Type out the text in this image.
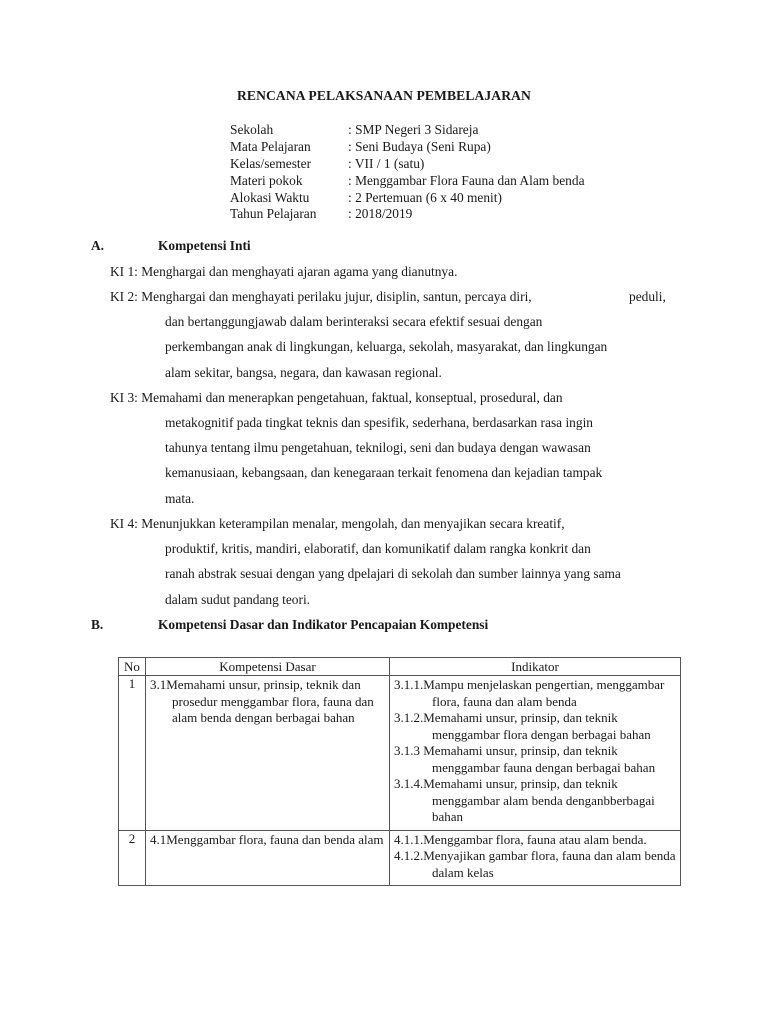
RENCANA PELAKSANAAN PEMBELAJARAN
Sekolah	: SMP Negeri 3 Sidareja
Mata Pelajaran	: Seni Budaya (Seni Rupa)
Kelas/semester	: VII / 1 (satu)
Materi pokok	: Menggambar Flora Fauna dan Alam benda
Alokasi Waktu	: 2 Pertemuan (6 x 40 menit)
Tahun Pelajaran : 2018/2019
A.	Kompetensi Inti
KI 1: Menghargai dan menghayati ajaran agama yang dianutnya.
KI 2: Menghargai dan menghayati perilaku jujur, disiplin, santun, percaya diri,	peduli,
dan bertanggungjawab dalam berinteraksi secara efektif sesuai dengan
perkembangan anak di lingkungan, keluarga, sekolah, masyarakat, dan lingkungan
alam sekitar, bangsa, negara, dan kawasan regional.
KI 3: Memahami dan menerapkan pengetahuan, faktual, konseptual, prosedural, dan
metakognitif pada tingkat teknis dan spesifik, sederhana, berdasarkan rasa ingin
tahunya tentang ilmu pengetahuan, teknilogi, seni dan budaya dengan wawasan
kemanusiaan, kebangsaan, dan kenegaraan terkait fenomena dan kejadian tampak
mata.
KI 4: Menunjukkan keterampilan menalar, mengolah, dan menyajikan secara kreatif,
produktif, kritis, mandiri, elaboratif, dan komunikatif dalam rangka konkrit dan
ranah abstrak sesuai dengan yang dpelajari di sekolah dan sumber lainnya yang sama
dalam sudut pandang teori.
B.	Kompetensi Dasar dan Indikator Pencapaian Kompetensi
No	Kompetensi Dasar	Indikator
1	3.1Memahami unsur, prinsip, teknik dan prosedur menggambar flora, fauna dan alam benda dengan berbagai bahan	3.1.1.Mampu menjelaskan pengertian, menggambar flora, fauna dan alam benda
3.1.2.Memahami unsur, prinsip, dan teknik menggambar flora dengan berbagai bahan
3.1.3 Memahami unsur, prinsip, dan teknik menggambar fauna dengan berbagai bahan
3.1.4.Memahami unsur, prinsip, dan teknik menggambar alam benda denganbberbagai bahan

2	4.1Menggambar flora, fauna dan benda alam	4.1.1.Menggambar flora, fauna atau alam benda.
4.1.2.Menyajikan gambar flora, fauna dan alam benda dalam kelas
